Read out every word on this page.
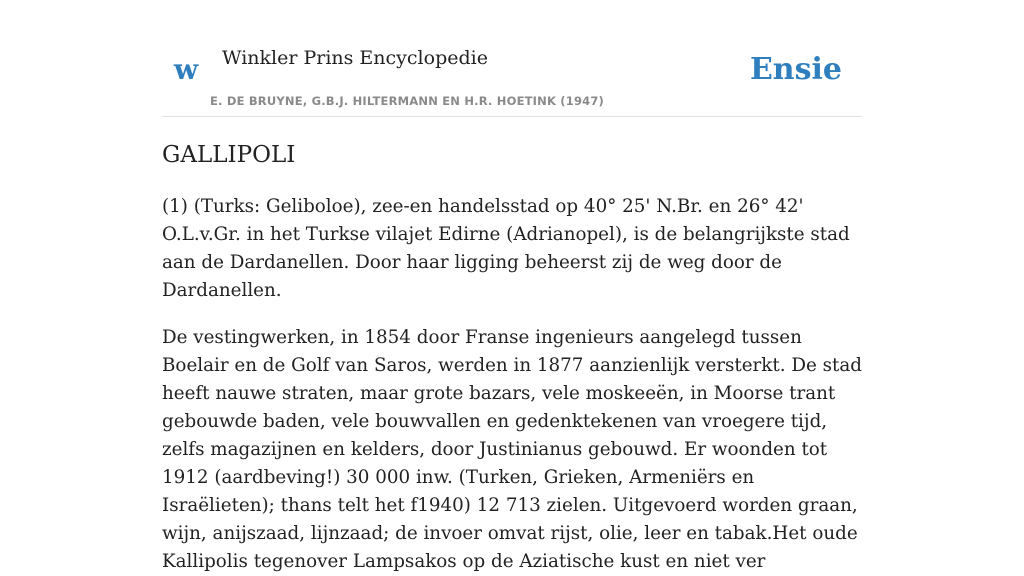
w Winkler Prins Encyclopedie
E. DE BRUYNE, G.B.J. HILTERMANN EN H.R. HOETINK (1947)
Ensie
GALLIPOLI

(1) (Turks: Geliboloe), zee-en handelsstad op 40° 25' N.Br. en 26° 42' O.L.v.Gr. in het Turkse vilajet Edirne (Adrianopel), is de belangrijkste stad aan de Dardanellen. Door haar ligging beheerst zij de weg door de Dardanellen.

De vestingwerken, in 1854 door Franse ingenieurs aangelegd tussen Boelair en de Golf van Saros, werden in 1877 aanzienlijk versterkt. De stad heeft nauwe straten, maar grote bazars, vele moskeeën, in Moorse trant gebouwde baden, vele bouwvallen en gedenktekenen van vroegere tijd, zelfs magazijnen en kelders, door Justinianus gebouwd. Er woonden tot 1912 (aardbeving!) 30 000 inw. (Turken, Grieken, Armeniërs en Israëlieten); thans telt het f1940) 12 713 zielen. Uitgevoerd worden graan, wijn, anijszaad, lijnzaad; de invoer omvat rijst, olie, leer en tabak.Het oude Kallipolis tegenover Lampsakos op de Aziatische kust en niet ver
